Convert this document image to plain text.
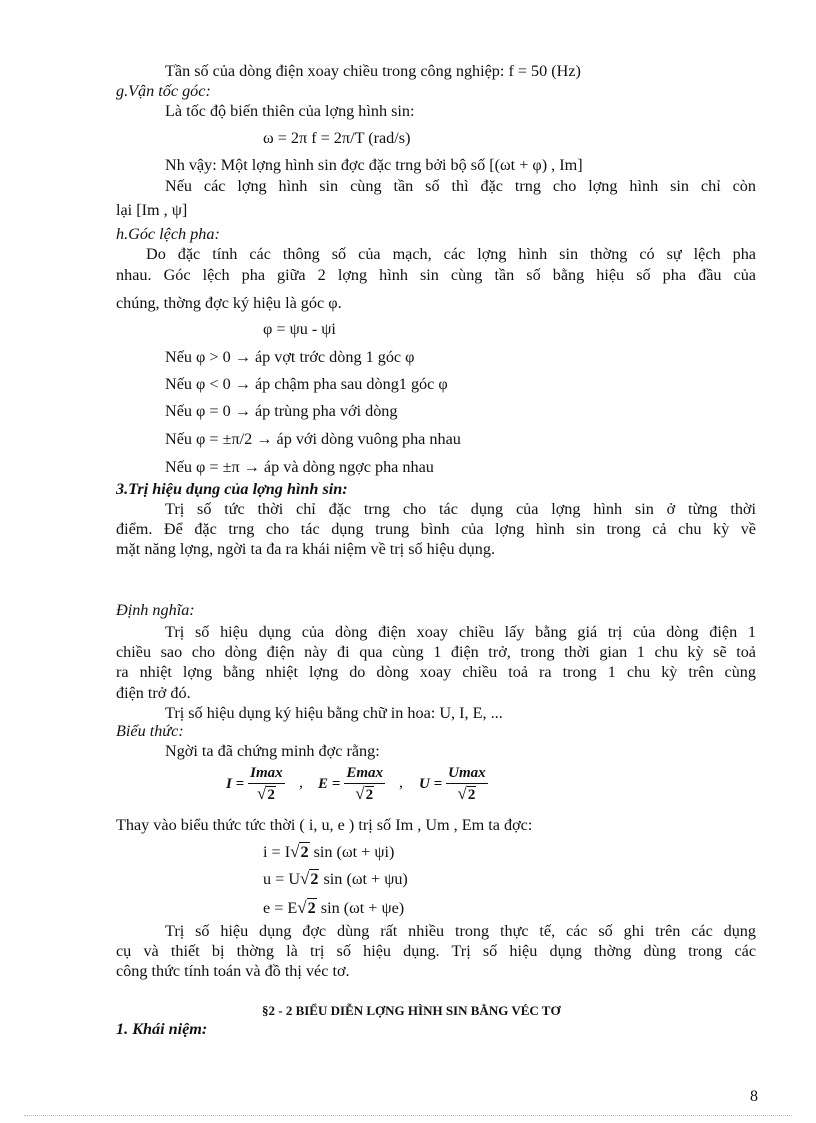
Tần số của dòng điện xoay chiều trong công nghiệp: f = 50 (Hz)
g.Vận tốc góc:
Là tốc độ biến thiên của lợng hình sin:
ω = 2π f = 2π/T (rad/s)
Nh vậy: Một lợng hình sin đợc đặc trng bởi bộ số [(ωt + φ) , Im]
Nếu các lợng hình sin cùng tần số thì đặc trng cho lợng hình sin chỉ còn
lại [Im , ψ]
h.Góc lệch pha:
Do đặc tính các thông số của mạch, các lợng hình sin thờng có sự lệch pha
nhau. Góc lệch pha giữa 2 lợng hình sin cùng tần số bằng hiệu số pha đầu của
chúng, thờng đợc ký hiệu là góc φ.
φ = ψu - ψi
Nếu φ > 0 → áp vợt trớc dòng 1 góc φ
Nếu φ < 0 → áp chậm pha sau dòng1 góc φ
Nếu φ = 0 → áp trùng pha với dòng
Nếu φ = ±π/2 → áp với dòng vuông pha nhau
Nếu φ = ±π → áp và dòng ngợc pha nhau
3.Trị hiệu dụng của lợng hình sin:
Trị số tức thời chỉ đặc trng cho tác dụng của lợng hình sin ở từng thời
điểm. Để đặc trng cho tác dụng trung bình của lợng hình sin trong cả chu kỳ về
mặt năng lợng, ngời ta đa ra khái niệm về trị số hiệu dụng.
Định nghĩa:
Trị số hiệu dụng của dòng điện xoay chiều lấy bằng giá trị của dòng điện 1
chiều sao cho dòng điện này đi qua cùng 1 điện trở, trong thời gian 1 chu kỳ sẽ toả
ra nhiệt lợng bằng nhiệt lợng do dòng xoay chiều toả ra trong 1 chu kỳ trên cùng
điện trở đó.
Trị số hiệu dụng ký hiệu bằng chữ in hoa: U, I, E, ...
Biểu thức:
Ngời ta đã chứng minh đợc rằng:
$I = \frac{Imax}{√2}$ , $E = \frac{Emax}{√2}$ , $U = \frac{Umax}{√2}$
Thay vào biểu thức tức thời ( i, u, e ) trị số Im , Um , Em ta đợc:
i = I√2 sin (ωt + ψi)
u = U√2 sin (ωt + ψu)
e = E√2 sin (ωt + ψe)
Trị số hiệu dụng đợc dùng rất nhiều trong thực tế, các số ghi trên các dụng
cụ và thiết bị thờng là trị số hiệu dụng. Trị số hiệu dụng thờng dùng trong các
công thức tính toán và đồ thị véc tơ.
§2 - 2 BIỂU DIỄN LỢNG HÌNH SIN BẰNG VÉC TƠ
1. Khái niệm:
8
